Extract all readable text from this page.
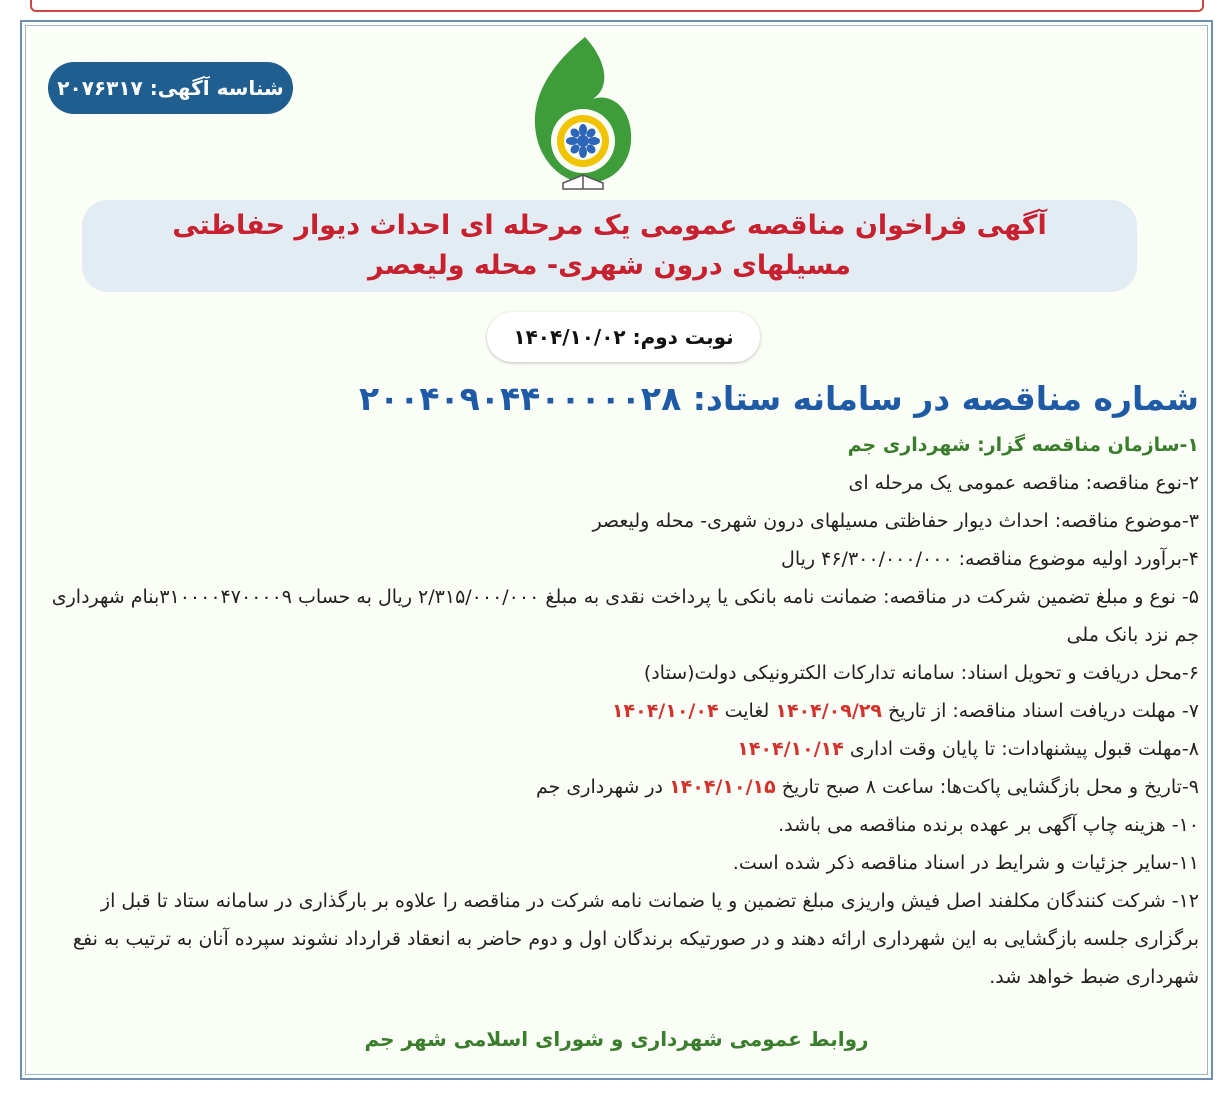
شناسه آگهی:

۲۰۷۶۳۱۷
آگهی فراخوان مناقصه عمومی یک مرحله ای احداث دیوار حفاظتی مسیلهای درون شهری- محله ولیعصر
نوبت دوم:

۱۴۰۴/۱۰/۰۲
شماره مناقصه در سامانه ستاد: ۲۰۰۴۰۹۰۴۴۰۰۰۰۰۲۸

۱-سازمان مناقصه گزار: شهرداری جم

۲-نوع مناقصه: مناقصه عمومی یک مرحله ای

۳-موضوع مناقصه: احداث دیوار حفاظتی مسیلهای درون شهری- محله ولیعصر

۴-برآورد اولیه موضوع مناقصه: ۴۶/۳۰۰/۰۰۰/۰۰۰ ریال

۵- نوع و مبلغ تضمین شرکت در مناقصه: ضمانت نامه بانکی یا پرداخت نقدی به مبلغ ۲/۳۱۵/۰۰۰/۰۰۰ ریال به حساب ۳۱۰۰۰۰۴۷۰۰۰۰۹بنام شهرداری جم نزد بانک ملی

۶-محل دریافت و تحویل اسناد: سامانه تدارکات الکترونیکی دولت(ستاد)

۷- مهلت دریافت اسناد مناقصه: از تاریخ ۱۴۰۴/۰۹/۲۹ لغایت ۱۴۰۴/۱۰/۰۴

۸-مهلت قبول پیشنهادات: تا پایان وقت اداری ۱۴۰۴/۱۰/۱۴

۹-تاریخ و محل بازگشایی پاکت‌ها: ساعت ۸ صبح تاریخ ۱۴۰۴/۱۰/۱۵ در شهرداری جم

۱۰- هزینه چاپ آگهی بر عهده برنده مناقصه می باشد.

۱۱-سایر جزئیات و شرایط در اسناد مناقصه ذکر شده است.

۱۲- شرکت کنندگان مکلفند اصل فیش واریزی مبلغ تضمین و یا ضمانت نامه شرکت در مناقصه را علاوه بر بارگذاری در سامانه ستاد تا قبل از برگزاری جلسه بازگشایی به این شهرداری ارائه دهند و در صورتیکه برندگان اول و دوم حاضر به انعقاد قرارداد نشوند سپرده آنان به ترتیب به نفع شهرداری ضبط خواهد شد.

روابط عمومی شهرداری و شورای اسلامی شهر جم
